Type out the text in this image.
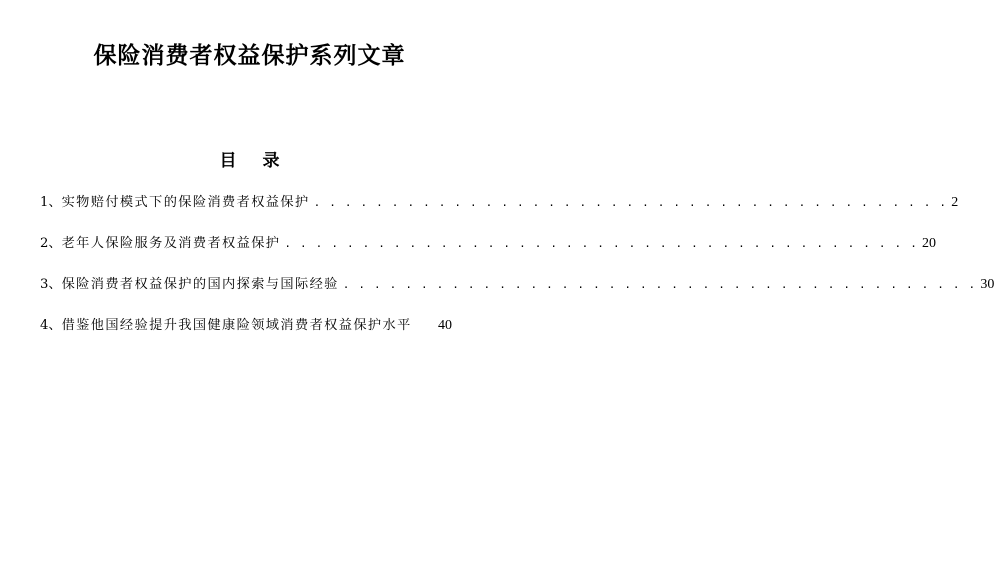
保险消费者权益保护系列文章
目 录
1、 实物赔付模式下的保险消费者权益保护 . . . . . . . . . . . . . . . . . . . . . . . . . . . . . . . . . . . . . . . . . 2
2、 老年人保险服务及消费者权益保护 . . . . . . . . . . . . . . . . . . . . . . . . . . . . . . . . . . . . . . . . . 20
3、 保险消费者权益保护的国内探索与国际经验 . . . . . . . . . . . . . . . . . . . . . . . . . . . . . . . . . . . . . . . . . 30
4、 借鉴他国经验提升我国健康险领域消费者权益保护水平 40
